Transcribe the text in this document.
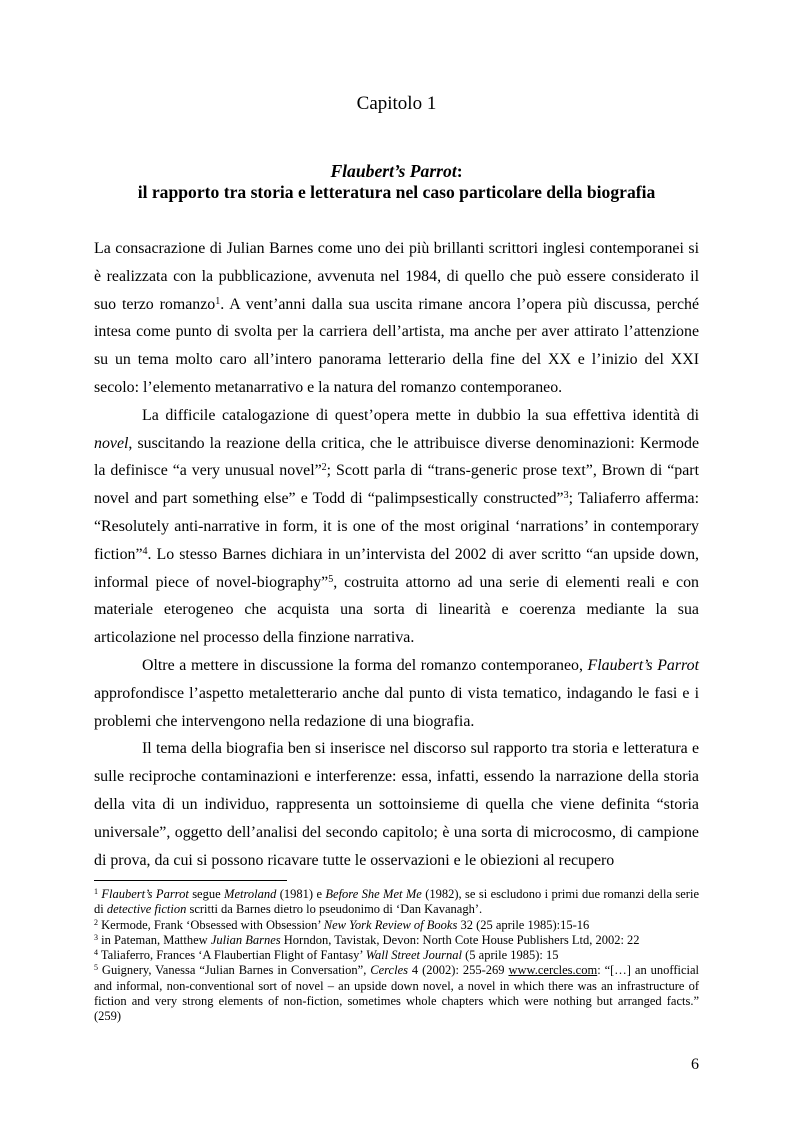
Capitolo 1
Flaubert’s Parrot:
il rapporto tra storia e letteratura nel caso particolare della biografia

La consacrazione di Julian Barnes come uno dei più brillanti scrittori inglesi contemporanei si è realizzata con la pubblicazione, avvenuta nel 1984, di quello che può essere considerato il suo terzo romanzo$^1$. A vent’anni dalla sua uscita rimane ancora l’opera più discussa, perché intesa come punto di svolta per la carriera dell’artista, ma anche per aver attirato l’attenzione su un tema molto caro all’intero panorama letterario della fine del XX e l’inizio del XXI secolo: l’elemento metanarrativo e la natura del romanzo contemporaneo.

La difficile catalogazione di quest’opera mette in dubbio la sua effettiva identità di novel, suscitando la reazione della critica, che le attribuisce diverse denominazioni: Kermode la definisce “a very unusual novel”$^2$; Scott parla di “trans-generic prose text”, Brown di “part novel and part something else” e Todd di “palimpsestically constructed”$^3$; Taliaferro afferma: “Resolutely anti-narrative in form, it is one of the most original ‘narrations’ in contemporary fiction”$^4$. Lo stesso Barnes dichiara in un’intervista del 2002 di aver scritto “an upside down, informal piece of novel-biography”$^5$, costruita attorno ad una serie di elementi reali e con materiale eterogeneo che acquista una sorta di linearità e coerenza mediante la sua articolazione nel processo della finzione narrativa.

Oltre a mettere in discussione la forma del romanzo contemporaneo, Flaubert’s Parrot approfondisce l’aspetto metaletterario anche dal punto di vista tematico, indagando le fasi e i problemi che intervengono nella redazione di una biografia.

Il tema della biografia ben si inserisce nel discorso sul rapporto tra storia e letteratura e sulle reciproche contaminazioni e interferenze: essa, infatti, essendo la narrazione della storia della vita di un individuo, rappresenta un sottoinsieme di quella che viene definita “storia universale”, oggetto dell’analisi del secondo capitolo; è una sorta di microcosmo, di campione di prova, da cui si possono ricavare tutte le osservazioni e le obiezioni al recupero

$^1$ Flaubert’s Parrot segue Metroland (1981) e Before She Met Me (1982), se si escludono i primi due romanzi della serie di detective fiction scritti da Barnes dietro lo pseudonimo di ‘Dan Kavanagh’.

$^2$ Kermode, Frank ‘Obsessed with Obsession’ New York Review of Books 32 (25 aprile 1985):15-16

$^3$ in Pateman, Matthew Julian Barnes Horndon, Tavistak, Devon: North Cote House Publishers Ltd, 2002: 22

$^4$ Taliaferro, Frances ‘A Flaubertian Flight of Fantasy’ Wall Street Journal (5 aprile 1985): 15

$^5$ Guignery, Vanessa “Julian Barnes in Conversation”, Cercles 4 (2002): 255-269 www.cercles.com: “[…] an unofficial and informal, non-conventional sort of novel – an upside down novel, a novel in which there was an infrastructure of fiction and very strong elements of non-fiction, sometimes whole chapters which were nothing but arranged facts.” (259)

6
